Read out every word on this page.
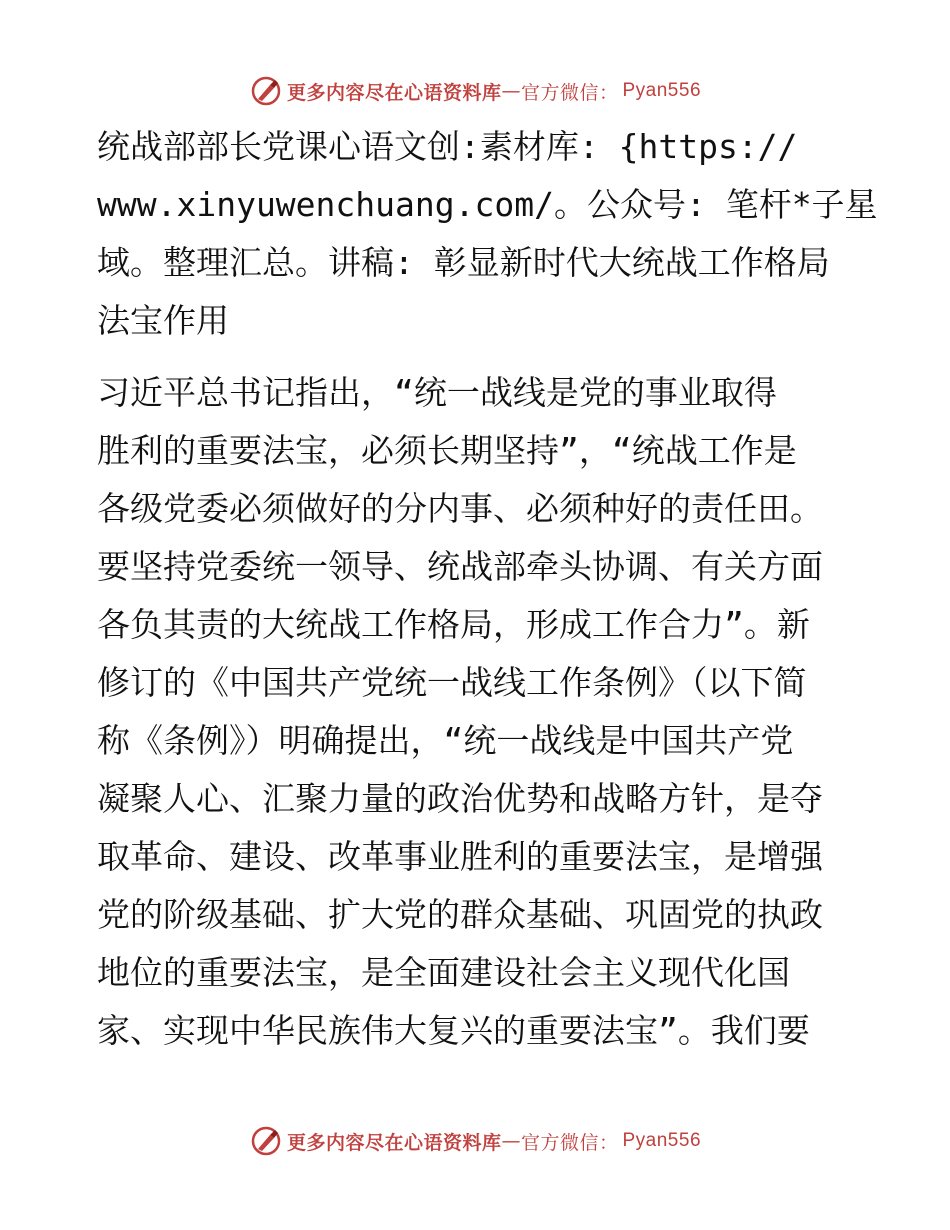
更多内容尽在心语资料库 — 官方微信： Pyan556

统战部部长党课心语文创:素材库: {https://
www.xinyuwenchuang.com/。公众号: 笔杆*子星
域。整理汇总。讲稿: 彰显新时代大统战工作格局
法宝作用

习近平总书记指出，“统一战线是党的事业取得
胜利的重要法宝，必须长期坚持”，“统战工作是
各级党委必须做好的分内事、必须种好的责任田。
要坚持党委统一领导、统战部牵头协调、有关方面
各负其责的大统战工作格局，形成工作合力”。新
修订的《中国共产党统一战线工作条例》（以下简
称《条例》）明确提出，“统一战线是中国共产党
凝聚人心、汇聚力量的政治优势和战略方针，是夺
取革命、建设、改革事业胜利的重要法宝，是增强
党的阶级基础、扩大党的群众基础、巩固党的执政
地位的重要法宝，是全面建设社会主义现代化国
家、实现中华民族伟大复兴的重要法宝”。我们要

更多内容尽在心语资料库 — 官方微信： Pyan556
